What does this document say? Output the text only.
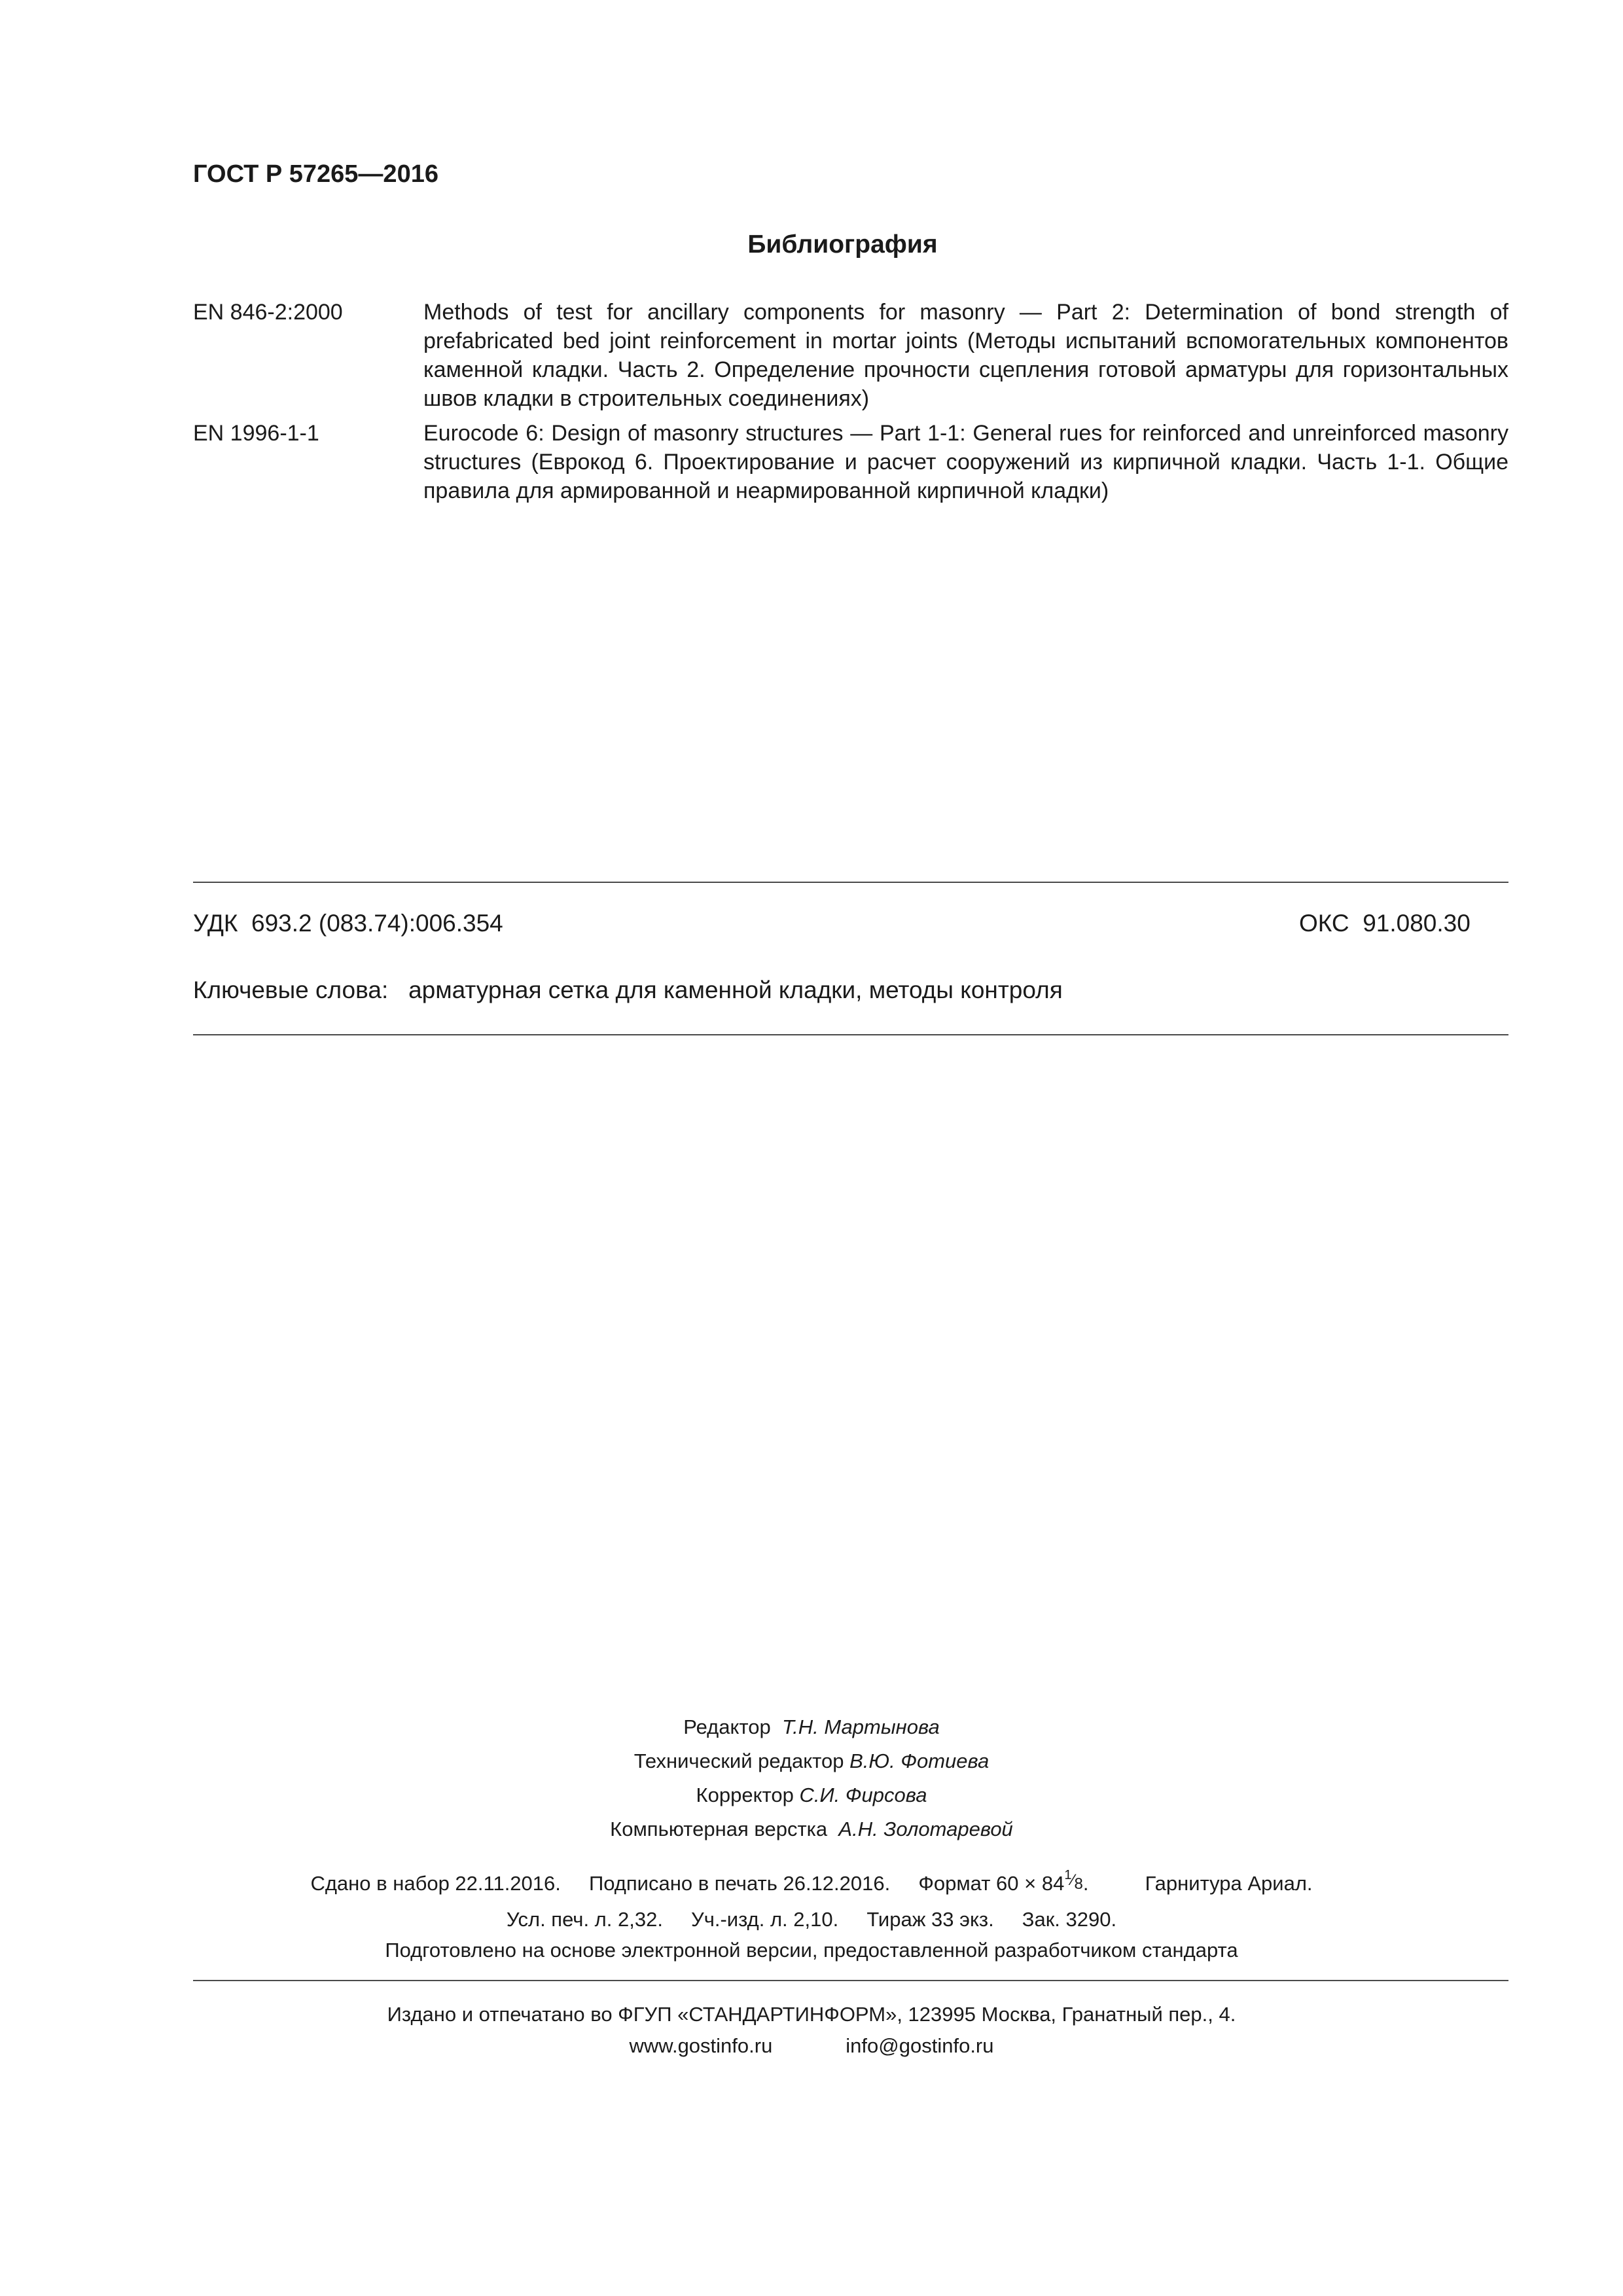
ГОСТ Р 57265—2016
Библиография
EN 846-2:2000	Methods of test for ancillary components for masonry — Part 2: Determination of bond strength of prefabricated bed joint reinforcement in mortar joints (Методы испытаний вспомогательных компонентов каменной кладки. Часть 2. Определение прочности сцепления готовой арматуры для горизонтальных швов кладки в строительных соединениях)
EN 1996-1-1	Eurocode 6: Design of masonry structures — Part 1-1: General rues for reinforced and unreinforced masonry structures (Еврокод 6. Проектирование и расчет сооружений из кирпичной кладки. Часть 1-1. Общие правила для армированной и неармированной кирпичной кладки)
УДК 693.2 (083.74):006.354	ОКС 91.080.30
Ключевые слова: арматурная сетка для каменной кладки, методы контроля
Редактор Т.Н. Мартынова
Технический редактор В.Ю. Фотиева
Корректор С.И. Фирсова
Компьютерная верстка А.Н. Золотаревой
Сдано в набор 22.11.2016. Подписано в печать 26.12.2016. Формат $60 \times 84^{^1⁄_8}$.	Гарнитура Ариал.
Усл. печ. л. 2,32. Уч.-изд. л. 2,10. Тираж 33 экз. Зак. 3290.
Подготовлено на основе электронной версии, предоставленной разработчиком стандарта
Издано и отпечатано во ФГУП «СТАНДАРТИНФОРМ», 123995 Москва, Гранатный пер., 4.
www.gostinfo.ru	info@gostinfo.ru
